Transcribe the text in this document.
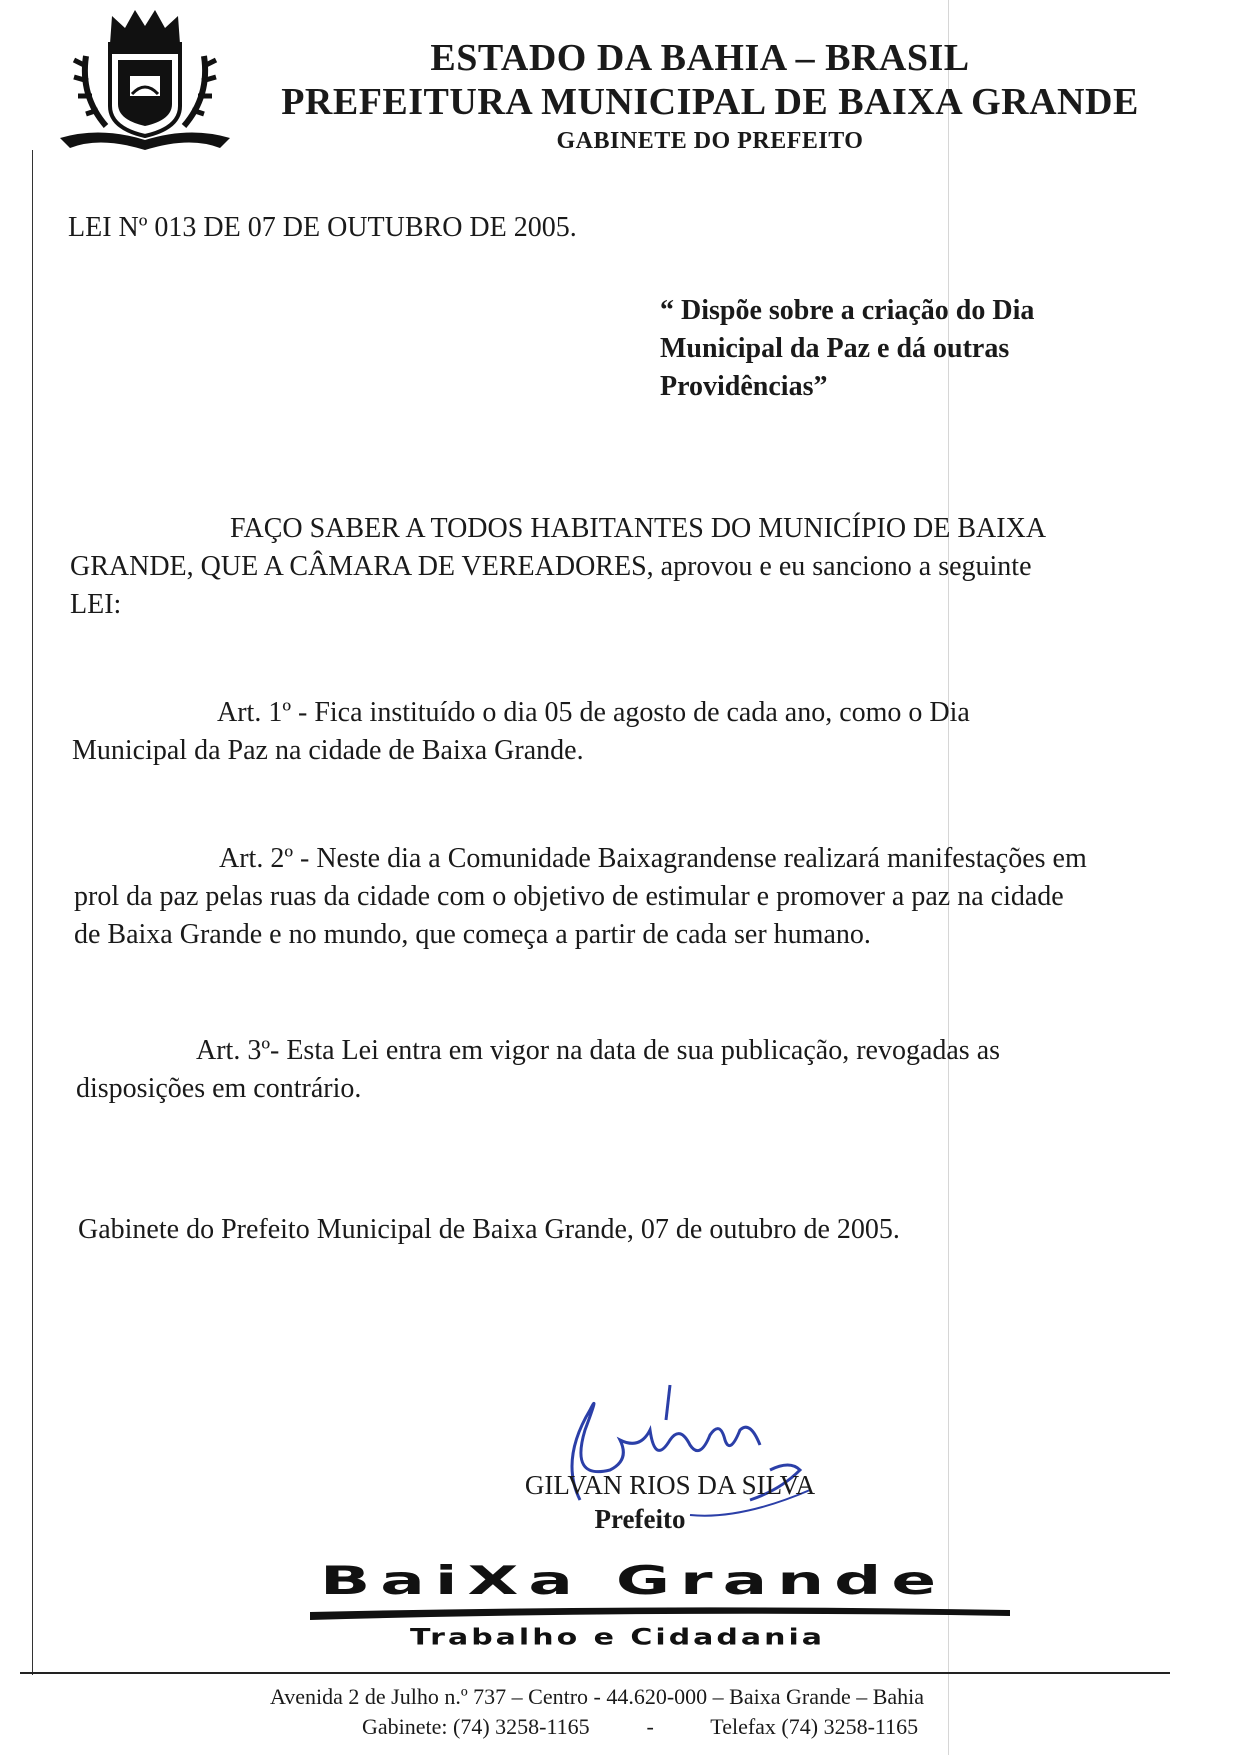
ESTADO DA BAHIA – BRASIL
PREFEITURA MUNICIPAL DE BAIXA GRANDE
GABINETE DO PREFEITO
LEI Nº 013 DE 07 DE OUTUBRO DE 2005.
“ Dispõe sobre a criação do Dia
Municipal da Paz e dá outras
Providências”
FAÇO SABER A TODOS HABITANTES DO MUNICÍPIO DE BAIXA
GRANDE, QUE A CÂMARA DE VEREADORES, aprovou e eu sanciono a seguinte
LEI:
Art. 1º - Fica instituído o dia 05 de agosto de cada ano, como o Dia
Municipal da Paz na cidade de Baixa Grande.
Art. 2º - Neste dia a Comunidade Baixagrandense realizará manifestações em
prol da paz pelas ruas da cidade com o objetivo de estimular e promover a paz na cidade
de Baixa Grande e no mundo, que começa a partir de cada ser humano.
Art. 3º- Esta Lei entra em vigor na data de sua publicação, revogadas as
disposições em contrário.
Gabinete do Prefeito Municipal de Baixa Grande, 07 de outubro de 2005.
GILVAN RIOS DA SILVA
Prefeito
BaiXa Grande
Trabalho e Cidadania
Avenida 2 de Julho n.º 737 – Centro - 44.620-000 – Baixa Grande – Bahia
Gabinete: (74) 3258-1165	-	Telefax (74) 3258-1165
